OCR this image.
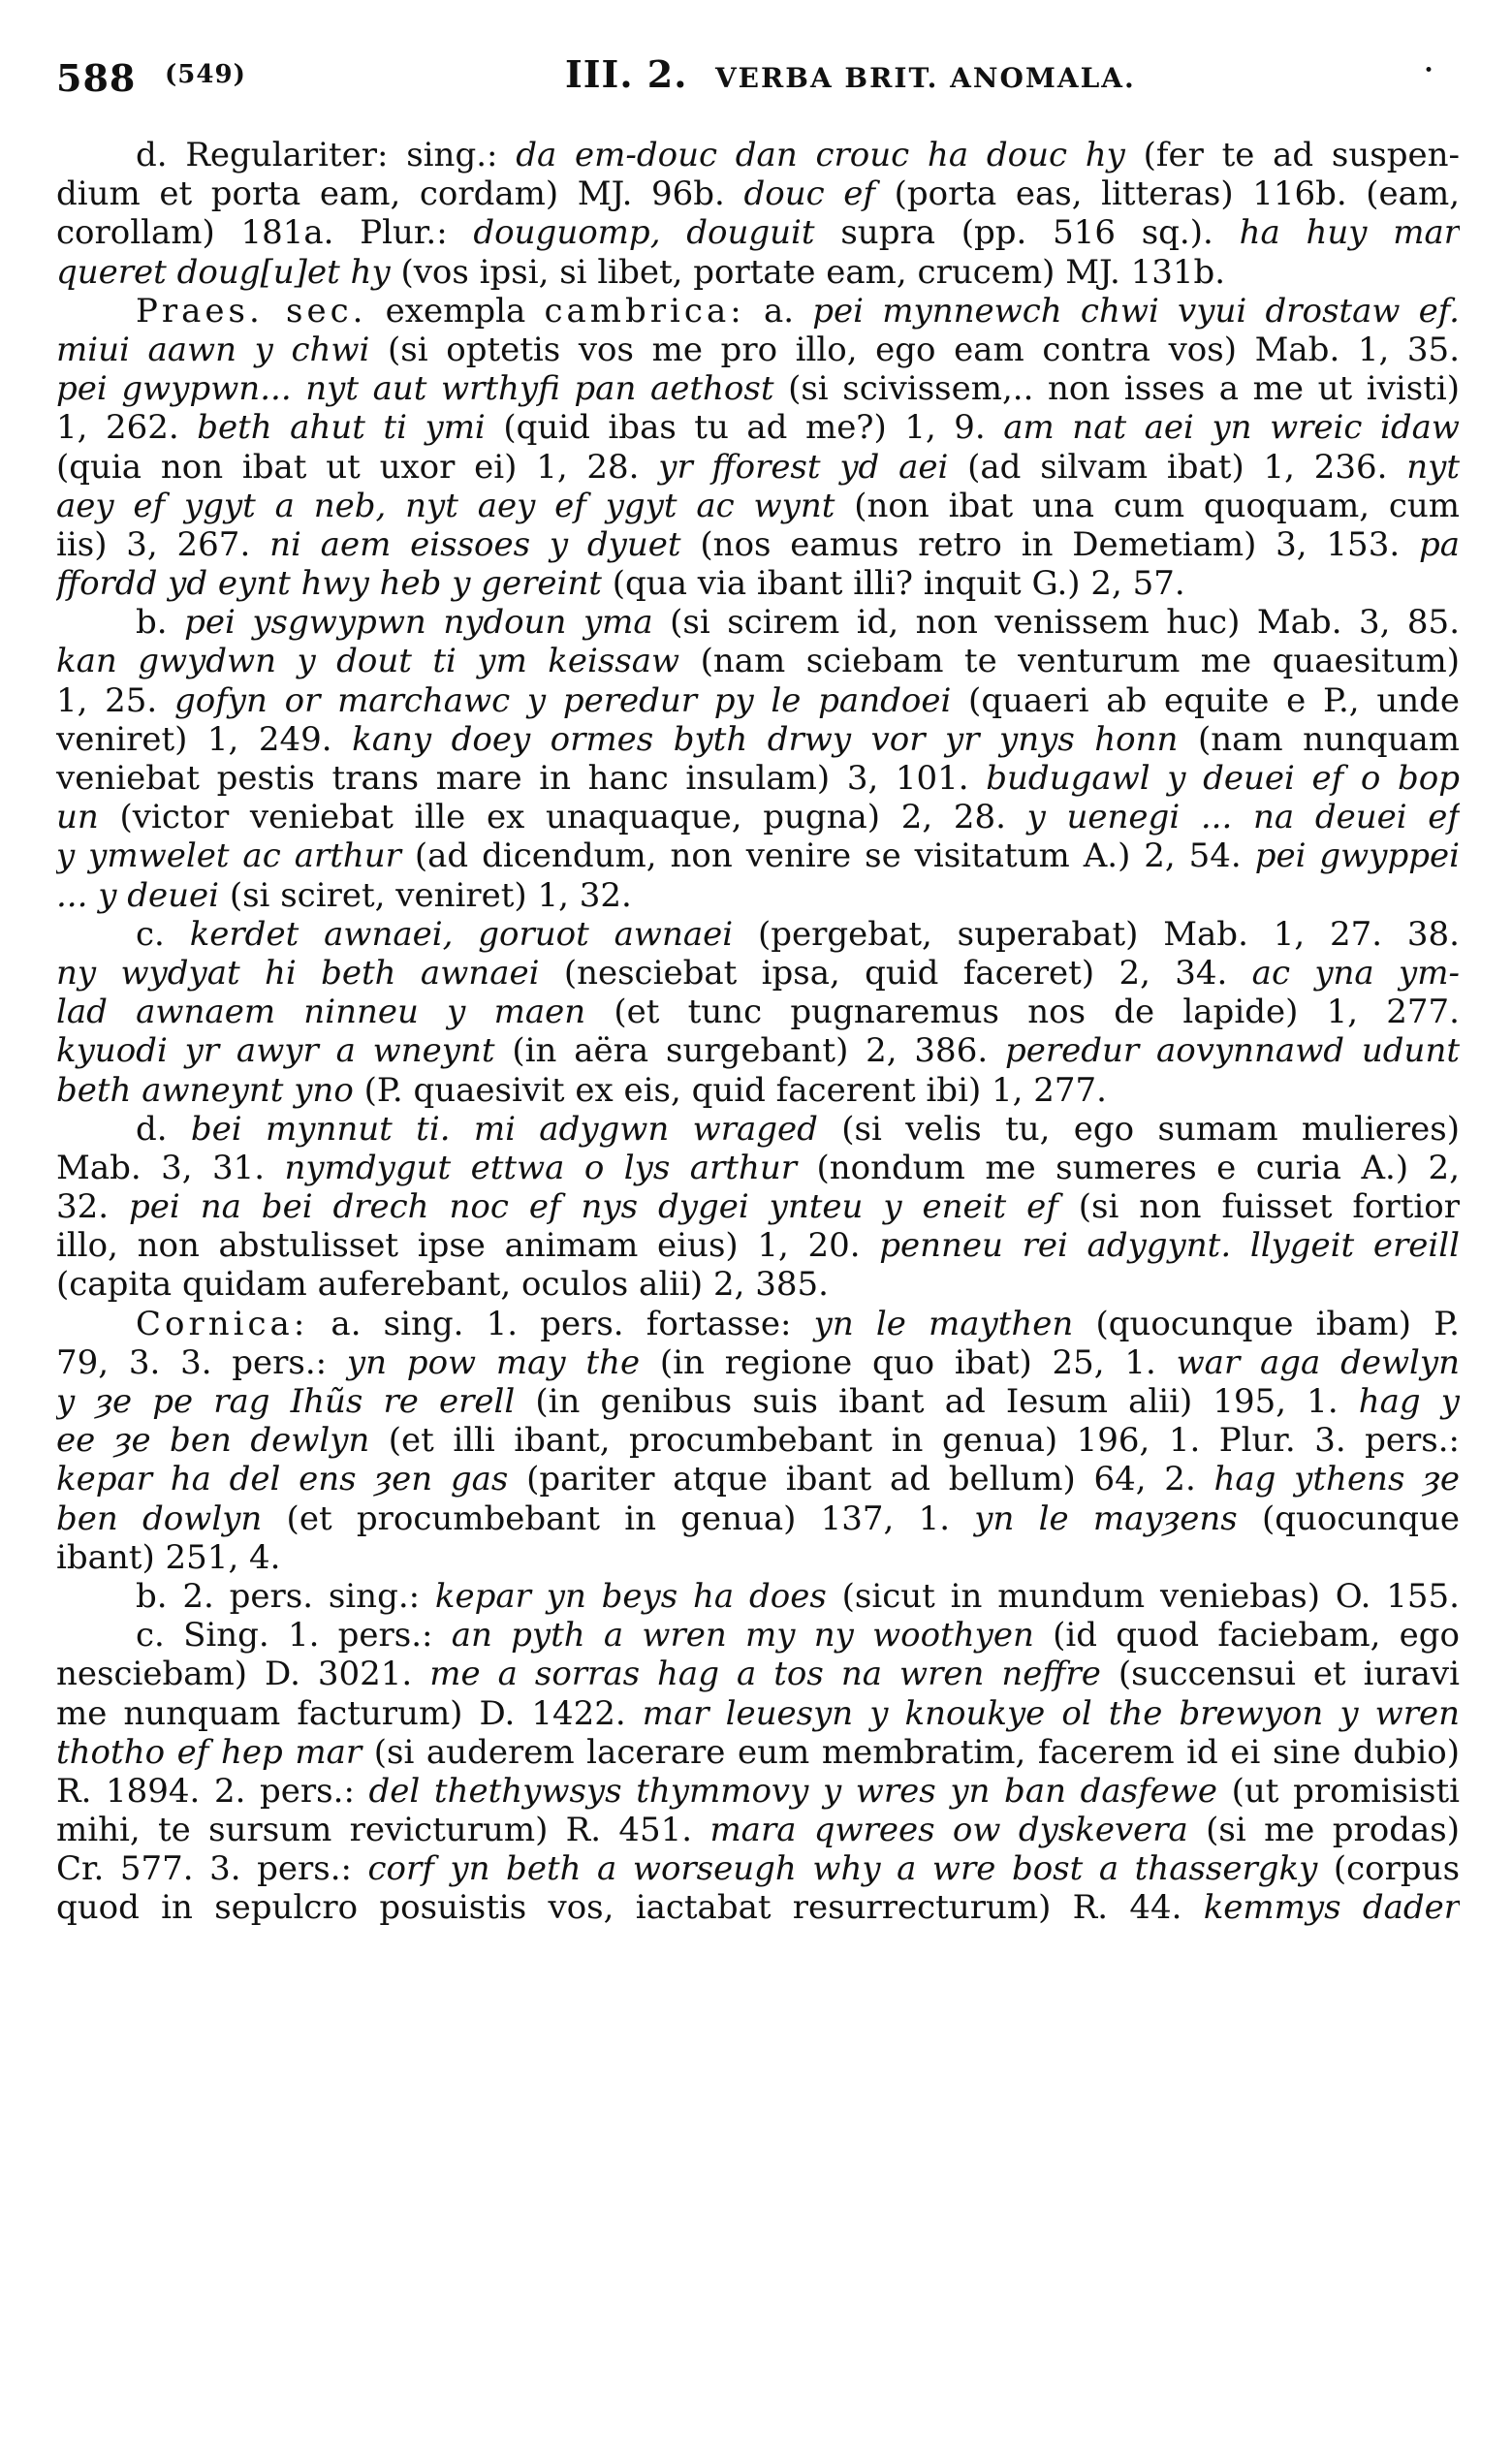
588 (549)	III. 2. VERBA BRIT. ANOMALA.	·
d. Regulariter: sing.: da em-douc dan crouc ha douc hy (fer te ad suspen-
dium et porta eam, cordam) MJ. 96b. douc ef (porta eas, litteras) 116b. (eam,
corollam) 181a. Plur.: douguomp, douguit supra (pp. 516 sq.). ha huy mar
queret doug[u]et hy (vos ipsi, si libet, portate eam, crucem) MJ. 131b.
Praes. sec. exempla cambrica: a. pei mynnewch chwi vyui drostaw ef.
miui aawn y chwi (si optetis vos me pro illo, ego eam contra vos) Mab. 1, 35.
pei gwypwn... nyt aut wrthyfi pan aethost (si scivissem,.. non isses a me ut ivisti)
1, 262. beth ahut ti ymi (quid ibas tu ad me?) 1, 9. am nat aei yn wreic idaw
(quia non ibat ut uxor ei) 1, 28. yr fforest yd aei (ad silvam ibat) 1, 236. nyt
aey ef ygyt a neb, nyt aey ef ygyt ac wynt (non ibat una cum quoquam, cum
iis) 3, 267. ni aem eissoes y dyuet (nos eamus retro in Demetiam) 3, 153. pa
ffordd yd eynt hwy heb y gereint (qua via ibant illi? inquit G.) 2, 57.
b. pei ysgwypwn nydoun yma (si scirem id, non venissem huc) Mab. 3, 85.
kan gwydwn y dout ti ym keissaw (nam sciebam te venturum me quaesitum)
1, 25. gofyn or marchawc y peredur py le pandoei (quaeri ab equite e P., unde
veniret) 1, 249. kany doey ormes byth drwy vor yr ynys honn (nam nunquam
veniebat pestis trans mare in hanc insulam) 3, 101. budugawl y deuei ef o bop
un (victor veniebat ille ex unaquaque, pugna) 2, 28. y uenegi ... na deuei ef
y ymwelet ac arthur (ad dicendum, non venire se visitatum A.) 2, 54. pei gwyppei
... y deuei (si sciret, veniret) 1, 32.
c. kerdet awnaei, goruot awnaei (pergebat, superabat) Mab. 1, 27. 38.
ny wydyat hi beth awnaei (nesciebat ipsa, quid faceret) 2, 34. ac yna ym-
lad awnaem ninneu y maen (et tunc pugnaremus nos de lapide) 1, 277.
kyuodi yr awyr a wneynt (in aëra surgebant) 2, 386. peredur aovynnawd udunt
beth awneynt yno (P. quaesivit ex eis, quid facerent ibi) 1, 277.
d. bei mynnut ti. mi adygwn wraged (si velis tu, ego sumam mulieres)
Mab. 3, 31. nymdygut ettwa o lys arthur (nondum me sumeres e curia A.) 2,
32. pei na bei drech noc ef nys dygei ynteu y eneit ef (si non fuisset fortior
illo, non abstulisset ipse animam eius) 1, 20. penneu rei adygynt. llygeit ereill
(capita quidam auferebant, oculos alii) 2, 385.
Cornica: a. sing. 1. pers. fortasse: yn le maythen (quocunque ibam) P.
79, 3. 3. pers.: yn pow may the (in regione quo ibat) 25, 1. war aga dewlyn
y ȝe pe rag Ihũs re erell (in genibus suis ibant ad Iesum alii) 195, 1. hag y
ee ȝe ben dewlyn (et illi ibant, procumbebant in genua) 196, 1. Plur. 3. pers.:
kepar ha del ens ȝen gas (pariter atque ibant ad bellum) 64, 2. hag ythens ȝe
ben dowlyn (et procumbebant in genua) 137, 1. yn le mayȝens (quocunque
ibant) 251, 4.
b. 2. pers. sing.: kepar yn beys ha does (sicut in mundum veniebas) O. 155.
c. Sing. 1. pers.: an pyth a wren my ny woothyen (id quod faciebam, ego
nesciebam) D. 3021. me a sorras hag a tos na wren neffre (succensui et iuravi
me nunquam facturum) D. 1422. mar leuesyn y knoukye ol the brewyon y wren
thotho ef hep mar (si auderem lacerare eum membratim, facerem id ei sine dubio)
R. 1894. 2. pers.: del thethywsys thymmovy y wres yn ban dasfewe (ut promisisti
mihi, te sursum revicturum) R. 451. mara qwrees ow dyskevera (si me prodas)
Cr. 577. 3. pers.: corf yn beth a worseugh why a wre bost a thassergky (corpus
quod in sepulcro posuistis vos, iactabat resurrecturum) R. 44. kemmys dader
